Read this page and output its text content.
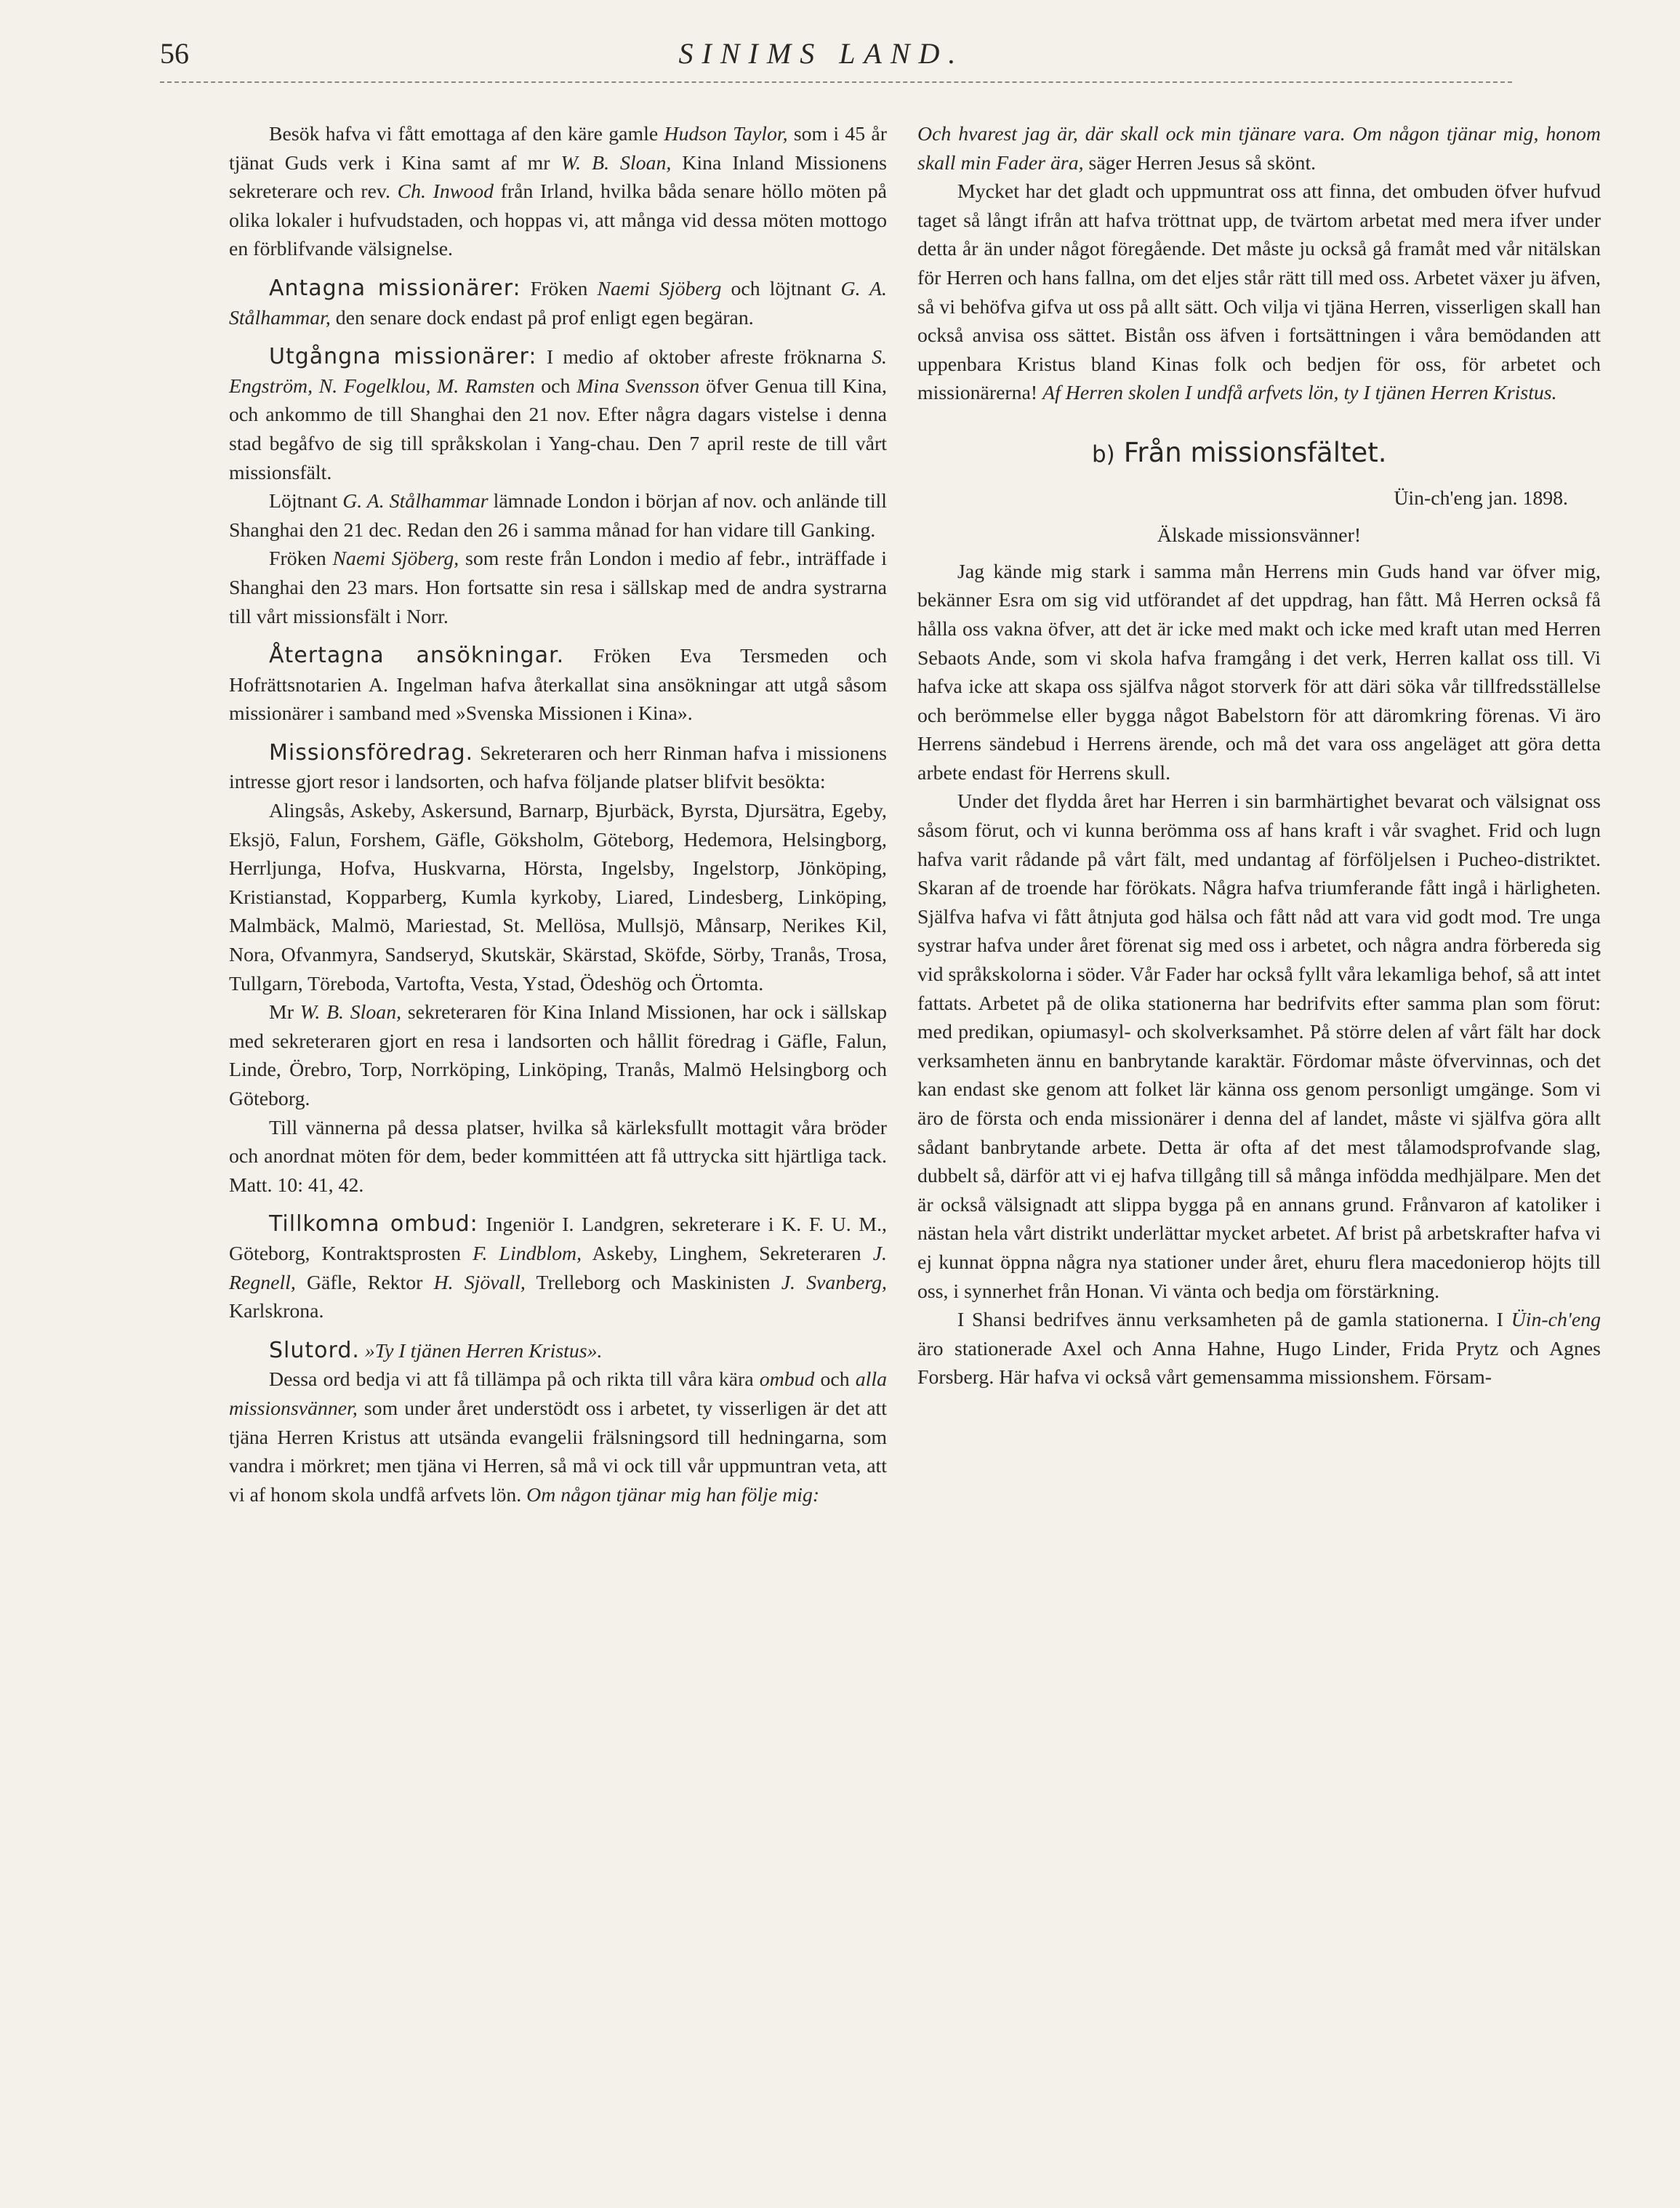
56	SINIMS LAND.

Besök hafva vi fått emottaga af den käre gamle Hudson Taylor, som i 45 år tjänat Guds verk i Kina samt af mr W. B. Sloan, Kina Inland Missionens sekreterare och rev. Ch. Inwood från Irland, hvilka båda senare höllo möten på olika lokaler i hufvudstaden, och hoppas vi, att många vid dessa möten mottogo en förblifvande välsignelse.

Antagna missionärer: Fröken Naemi Sjöberg och löjtnant G. A. Stålhammar, den senare dock endast på prof enligt egen begäran.

Utgångna missionärer: I medio af oktober afreste fröknarna S. Engström, N. Fogelklou, M. Ramsten och Mina Svensson öfver Genua till Kina, och ankommo de till Shanghai den 21 nov. Efter några dagars vistelse i denna stad begåfvo de sig till språkskolan i Yang-chau. Den 7 april reste de till vårt missionsfält.

Löjtnant G. A. Stålhammar lämnade London i början af nov. och anlände till Shanghai den 21 dec. Redan den 26 i samma månad for han vidare till Ganking.

Fröken Naemi Sjöberg, som reste från London i medio af febr., inträffade i Shanghai den 23 mars. Hon fortsatte sin resa i sällskap med de andra systrarna till vårt missionsfält i Norr.

Återtagna ansökningar. Fröken Eva Tersmeden och Hofrättsnotarien A. Ingelman hafva återkallat sina ansökningar att utgå såsom missionärer i samband med »Svenska Missionen i Kina».

Missionsföredrag. Sekreteraren och herr Rinman hafva i missionens intresse gjort resor i landsorten, och hafva följande platser blifvit besökta:

Alingsås, Askeby, Askersund, Barnarp, Bjurbäck, Byrsta, Djursätra, Egeby, Eksjö, Falun, Forshem, Gäfle, Göksholm, Göteborg, Hedemora, Helsingborg, Herrljunga, Hofva, Huskvarna, Hörsta, Ingelsby, Ingelstorp, Jönköping, Kristianstad, Kopparberg, Kumla kyrkoby, Liared, Lindesberg, Linköping, Malmbäck, Malmö, Mariestad, St. Mellösa, Mullsjö, Månsarp, Nerikes Kil, Nora, Ofvanmyra, Sandseryd, Skutskär, Skärstad, Sköfde, Sörby, Tranås, Trosa, Tullgarn, Töreboda, Vartofta, Vesta, Ystad, Ödeshög och Örtomta.

Mr W. B. Sloan, sekreteraren för Kina Inland Missionen, har ock i sällskap med sekreteraren gjort en resa i landsorten och hållit föredrag i Gäfle, Falun, Linde, Örebro, Torp, Norrköping, Linköping, Tranås, Malmö Helsingborg och Göteborg.

Till vännerna på dessa platser, hvilka så kärleksfullt mottagit våra bröder och anordnat möten för dem, beder kommittéen att få uttrycka sitt hjärtliga tack. Matt. 10: 41, 42.

Tillkomna ombud: Ingeniör I. Landgren, sekreterare i K. F. U. M., Göteborg, Kontraktsprosten F. Lindblom, Askeby, Linghem, Sekreteraren J. Regnell, Gäfle, Rektor H. Sjövall, Trelleborg och Maskinisten J. Svanberg, Karlskrona.

Slutord. »Ty I tjänen Herren Kristus».

Dessa ord bedja vi att få tillämpa på och rikta till våra kära ombud och alla missionsvänner, som under året understödt oss i arbetet, ty visserligen är det att tjäna Herren Kristus att utsända evangelii frälsningsord till hedningarna, som vandra i mörkret; men tjäna vi Herren, så må vi ock till vår uppmuntran veta, att vi af honom skola undfå arfvets lön. Om någon tjänar mig han följe mig:

Och hvarest jag är, där skall ock min tjänare vara. Om någon tjänar mig, honom skall min Fader ära, säger Herren Jesus så skönt.

Mycket har det gladt och uppmuntrat oss att finna, det ombuden öfver hufvud taget så långt ifrån att hafva tröttnat upp, de tvärtom arbetat med mera ifver under detta år än under något föregående. Det måste ju också gå framåt med vår nitälskan för Herren och hans fallna, om det eljes står rätt till med oss. Arbetet växer ju äfven, så vi behöfva gifva ut oss på allt sätt. Och vilja vi tjäna Herren, visserligen skall han också anvisa oss sättet. Bistån oss äfven i fortsättningen i våra bemödanden att uppenbara Kristus bland Kinas folk och bedjen för oss, för arbetet och missionärerna! Af Herren skolen I undfå arfvets lön, ty I tjänen Herren Kristus.

b) Från missionsfältet.

Üin-ch'eng jan. 1898.

Älskade missionsvänner!

Jag kände mig stark i samma mån Herrens min Guds hand var öfver mig, bekänner Esra om sig vid utförandet af det uppdrag, han fått. Må Herren också få hålla oss vakna öfver, att det är icke med makt och icke med kraft utan med Herren Sebaots Ande, som vi skola hafva framgång i det verk, Herren kallat oss till. Vi hafva icke att skapa oss själfva något storverk för att däri söka vår tillfredsställelse och berömmelse eller bygga något Babelstorn för att däromkring förenas. Vi äro Herrens sändebud i Herrens ärende, och må det vara oss angeläget att göra detta arbete endast för Herrens skull.

Under det flydda året har Herren i sin barmhärtighet bevarat och välsignat oss såsom förut, och vi kunna berömma oss af hans kraft i vår svaghet. Frid och lugn hafva varit rådande på vårt fält, med undantag af förföljelsen i Pucheo-distriktet. Skaran af de troende har förökats. Några hafva triumferande fått ingå i härligheten. Själfva hafva vi fått åtnjuta god hälsa och fått nåd att vara vid godt mod. Tre unga systrar hafva under året förenat sig med oss i arbetet, och några andra förbereda sig vid språkskolorna i söder. Vår Fader har också fyllt våra lekamliga behof, så att intet fattats. Arbetet på de olika stationerna har bedrifvits efter samma plan som förut: med predikan, opiumasyl- och skolverksamhet. På större delen af vårt fält har dock verksamheten ännu en banbrytande karaktär. Fördomar måste öfvervinnas, och det kan endast ske genom att folket lär känna oss genom personligt umgänge. Som vi äro de första och enda missionärer i denna del af landet, måste vi själfva göra allt sådant banbrytande arbete. Detta är ofta af det mest tålamodsprofvande slag, dubbelt så, därför att vi ej hafva tillgång till så många infödda medhjälpare. Men det är också välsignadt att slippa bygga på en annans grund. Frånvaron af katoliker i nästan hela vårt distrikt underlättar mycket arbetet. Af brist på arbetskrafter hafva vi ej kunnat öppna några nya stationer under året, ehuru flera macedonierop höjts till oss, i synnerhet från Honan. Vi vänta och bedja om förstärkning.

I Shansi bedrifves ännu verksamheten på de gamla stationerna. I Üin-ch'eng äro stationerade Axel och Anna Hahne, Hugo Linder, Frida Prytz och Agnes Forsberg. Här hafva vi också vårt gemensamma missionshem. Försam-
